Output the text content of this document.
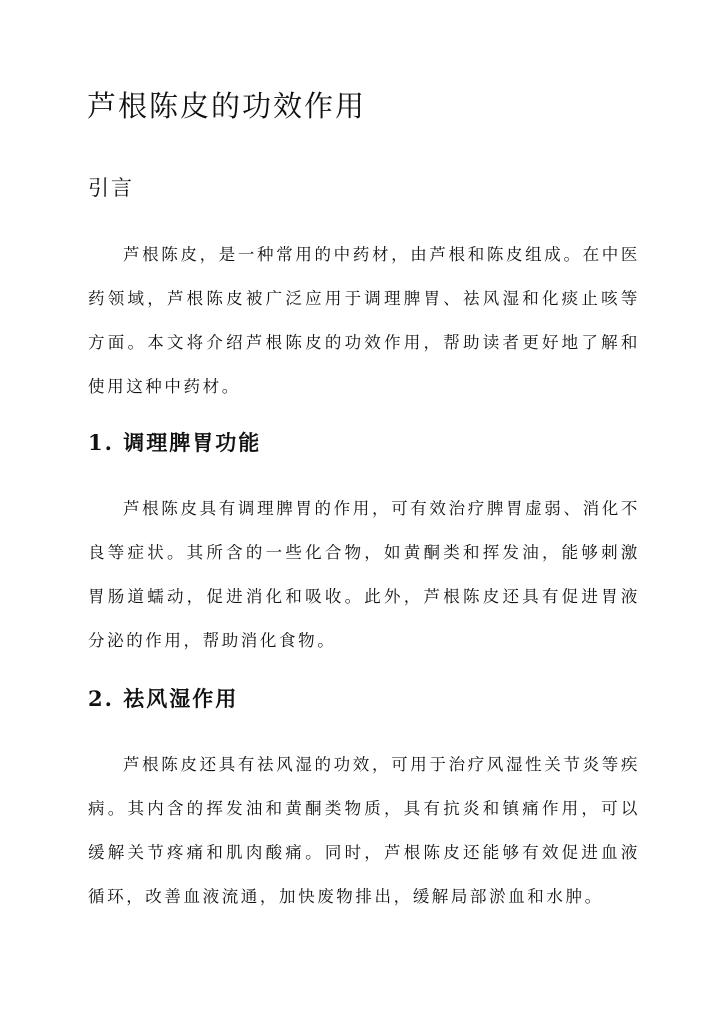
芦根陈皮的功效作用
引言

芦根陈皮，是一种常用的中药材，由芦根和陈皮组成。在中医药领域，芦根陈皮被广泛应用于调理脾胃、祛风湿和化痰止咳等方面。本文将介绍芦根陈皮的功效作用，帮助读者更好地了解和使用这种中药材。

1. 调理脾胃功能

芦根陈皮具有调理脾胃的作用，可有效治疗脾胃虚弱、消化不良等症状。其所含的一些化合物，如黄酮类和挥发油，能够刺激胃肠道蠕动，促进消化和吸收。此外，芦根陈皮还具有促进胃液分泌的作用，帮助消化食物。

2. 祛风湿作用

芦根陈皮还具有祛风湿的功效，可用于治疗风湿性关节炎等疾病。其内含的挥发油和黄酮类物质，具有抗炎和镇痛作用，可以缓解关节疼痛和肌肉酸痛。同时，芦根陈皮还能够有效促进血液循环，改善血液流通，加快废物排出，缓解局部淤血和水肿。
